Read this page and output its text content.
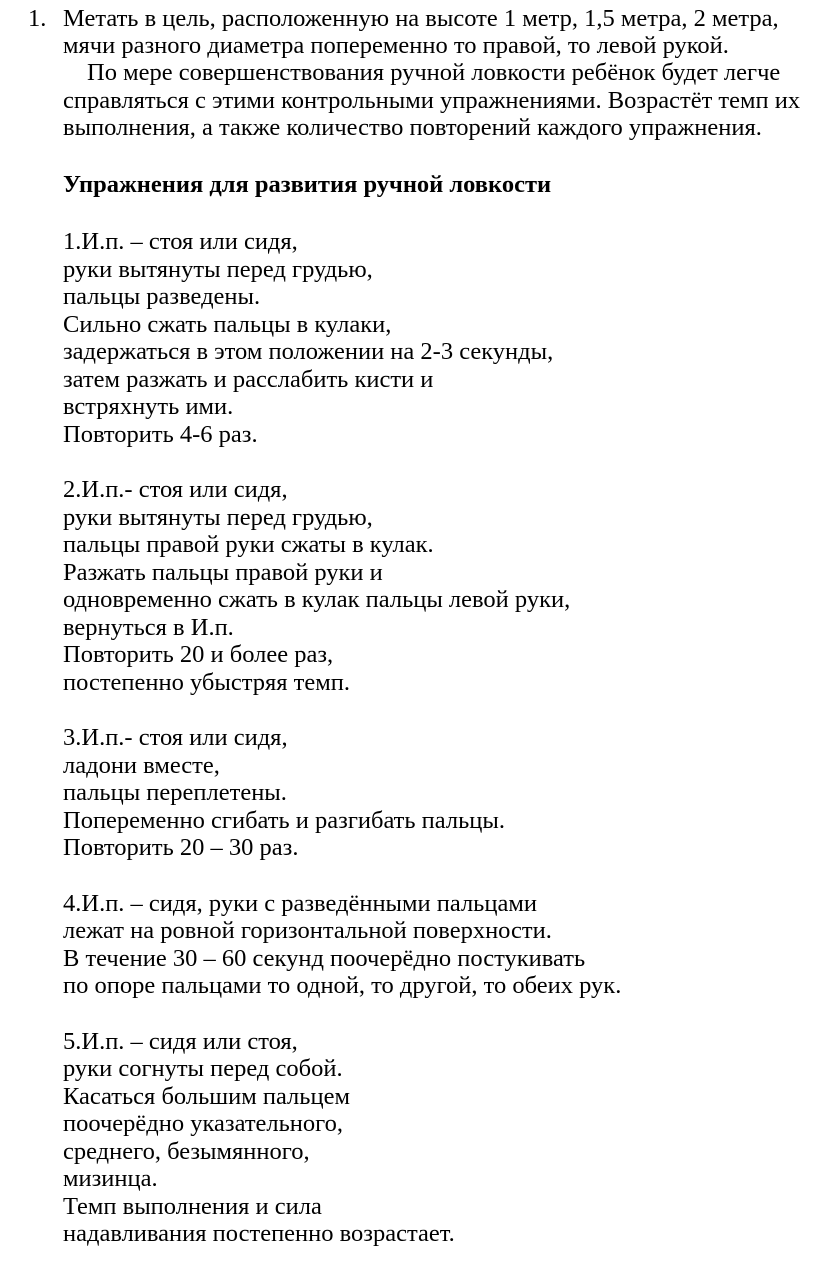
1. Метать в цель, расположенную на высоте 1 метр, 1,5 метра, 2 метра,
мячи разного диаметра попеременно то правой, то левой рукой.
По мере совершенствования ручной ловкости ребёнок будет легче
справляться с этими контрольными упражнениями. Возрастёт темп их
выполнения, а также количество повторений каждого упражнения.
Упражнения для развития ручной ловкости
1.И.п. – стоя или сидя,
руки вытянуты перед грудью,
пальцы разведены.
Сильно сжать пальцы в кулаки,
задержаться в этом положении на 2-3 секунды,
затем разжать и расслабить кисти и
встряхнуть ими.
Повторить 4-6 раз.
2.И.п.- стоя или сидя,
руки вытянуты перед грудью,
пальцы правой руки сжаты в кулак.
Разжать пальцы правой руки и
одновременно сжать в кулак пальцы левой руки,
вернуться в И.п.
Повторить 20 и более раз,
постепенно убыстряя темп.
3.И.п.- стоя или сидя,
ладони вместе,
пальцы переплетены.
Попеременно сгибать и разгибать пальцы.
Повторить 20 – 30 раз.
4.И.п. – сидя, руки с разведёнными пальцами
лежат на ровной горизонтальной поверхности.
В течение 30 – 60 секунд поочерёдно постукивать
по опоре пальцами то одной, то другой, то обеих рук.
5.И.п. – сидя или стоя,
руки согнуты перед собой.
Касаться большим пальцем
поочерёдно указательного,
среднего, безымянного,
мизинца.
Темп выполнения и сила
надавливания постепенно возрастает.
